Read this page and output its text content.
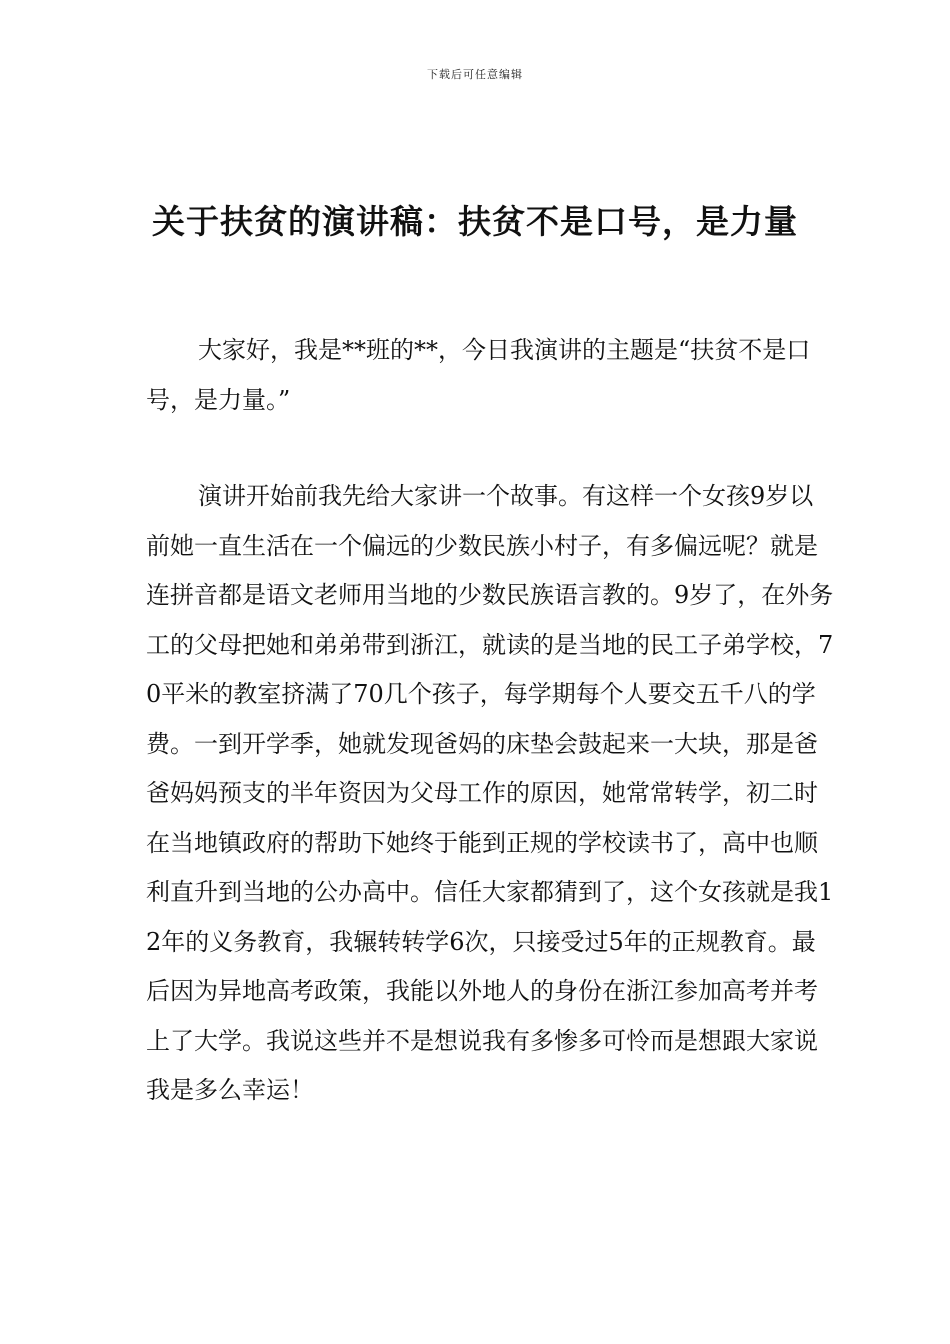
下载后可任意编辑
关于扶贫的演讲稿：扶贫不是口号，是力量

大家好，我是**班的**，今日我演讲的主题是“扶贫不是口号，是力量。”

演讲开始前我先给大家讲一个故事。有这样一个女孩9岁以前她一直生活在一个偏远的少数民族小村子，有多偏远呢？就是连拼音都是语文老师用当地的少数民族语言教的。9岁了，在外务工的父母把她和弟弟带到浙江，就读的是当地的民工子弟学校，70平米的教室挤满了70几个孩子，每学期每个人要交五千八的学费。一到开学季，她就发现爸妈的床垫会鼓起来一大块，那是爸爸妈妈预支的半年资因为父母工作的原因，她常常转学，初二时在当地镇政府的帮助下她终于能到正规的学校读书了，高中也顺利直升到当地的公办高中。信任大家都猜到了，这个女孩就是我12年的义务教育，我辗转转学6次，只接受过5年的正规教育。最后因为异地高考政策，我能以外地人的身份在浙江参加高考并考上了大学。我说这些并不是想说我有多惨多可怜而是想跟大家说我是多么幸运！
